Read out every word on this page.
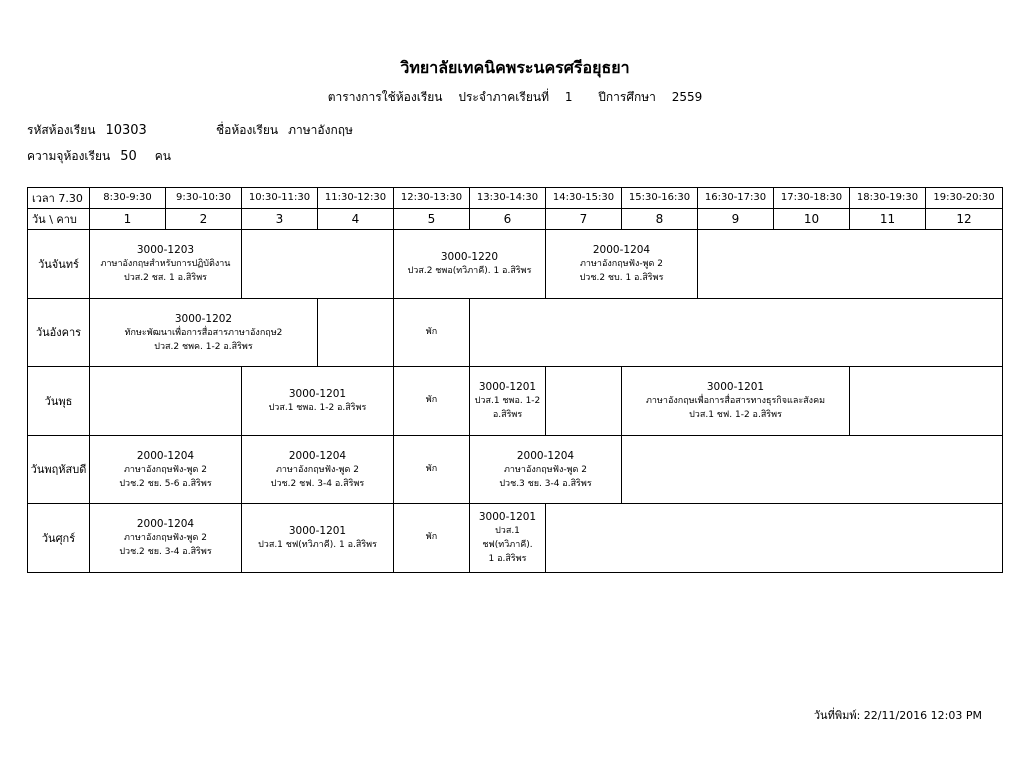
วิทยาลัยเทคนิคพระนครศรีอยุธยา
ตารางการใช้ห้องเรียน ประจำภาคเรียนที่ 1 ปีการศึกษา 2559
รหัสห้องเรียน 10303	ชื่อห้องเรียน ภาษาอังกฤษ
ความจุห้องเรียน 50 คน
เวลา 7.30	8:30-9:30	9:30-10:30	10:30-11:30	11:30-12:30	12:30-13:30	13:30-14:30	14:30-15:30	15:30-16:30	16:30-17:30	17:30-18:30	18:30-19:30	19:30-20:30
วัน \ คาบ	1	2	3	4	5	6	7	8	9	10	11	12
วันจันทร์	3000-1203
ภาษาอังกฤษสำหรับการปฏิบัติงาน
ปวส.2 ชส. 1 อ.สิริพร				3000-1220
ปวส.2 ชพอ(ทวิภาคี). 1 อ.สิริพร		2000-1204
ภาษาอังกฤษฟัง-พูด 2
ปวช.2 ชบ. 1 อ.สิริพร					

วันอังคาร	3000-1202
ทักษะพัฒนาเพื่อการสื่อสารภาษาอังกฤษ2
ปวส.2 ชพค. 1-2 อ.สิริพร				พัก							
วันพุธ			3000-1201
ปวส.1 ชพอ. 1-2 อ.สิริพร		พัก	3000-1201
ปวส.1 ชพอ. 1-2
อ.สิริพร		3000-1201
ภาษาอังกฤษเพื่อการสื่อสารทางธุรกิจและสังคม
ปวส.1 ชฟ. 1-2 อ.สิริพร				

วันพฤหัสบดี	2000-1204
ภาษาอังกฤษฟัง-พูด 2
ปวช.2 ชย. 5-6 อ.สิริพร		2000-1204
ภาษาอังกฤษฟัง-พูด 2
ปวช.2 ชฟ. 3-4 อ.สิริพร		พัก	2000-1204
ภาษาอังกฤษฟัง-พูด 2
ปวช.3 ชย. 3-4 อ.สิริพร						

วันศุกร์	2000-1204
ภาษาอังกฤษฟัง-พูด 2
ปวช.2 ชย. 3-4 อ.สิริพร		3000-1201
ปวส.1 ชฟ(ทวิภาคี). 1 อ.สิริพร		พัก	3000-1201
ปวส.1 ชฟ(ทวิภาคี).
1 อ.สิริพร						

วันที่พิมพ์: 22/11/2016 12:03 PM
